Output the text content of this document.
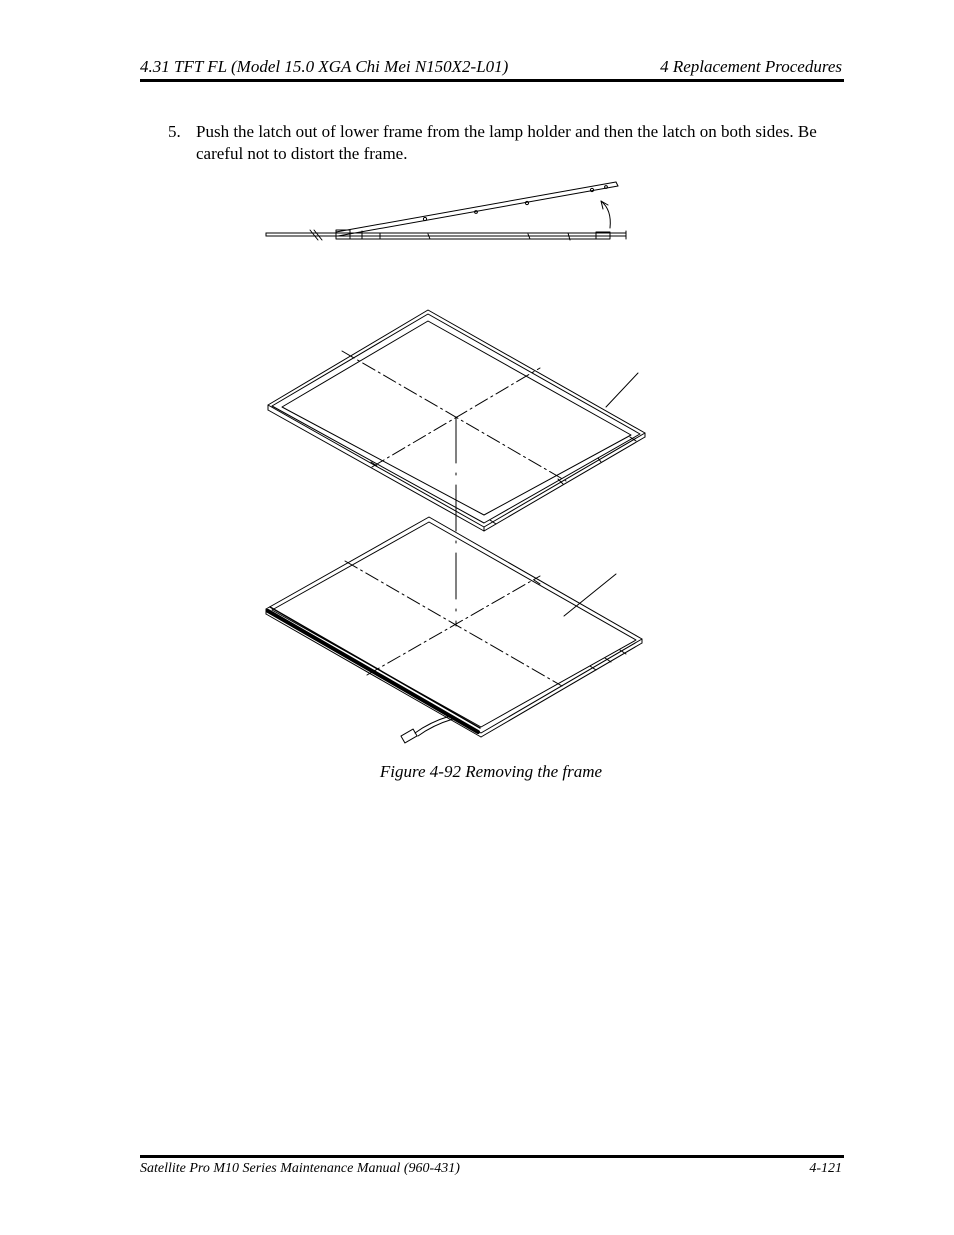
4.31 TFT FL (Model 15.0 XGA Chi Mei N150X2-L01)	4 Replacement Procedures
5. Push the latch out of lower frame from the lamp holder and then the latch on both sides. Be careful not to distort the frame.
Figure 4-92 Removing the frame
Satellite Pro M10 Series Maintenance Manual (960-431)	4-121
